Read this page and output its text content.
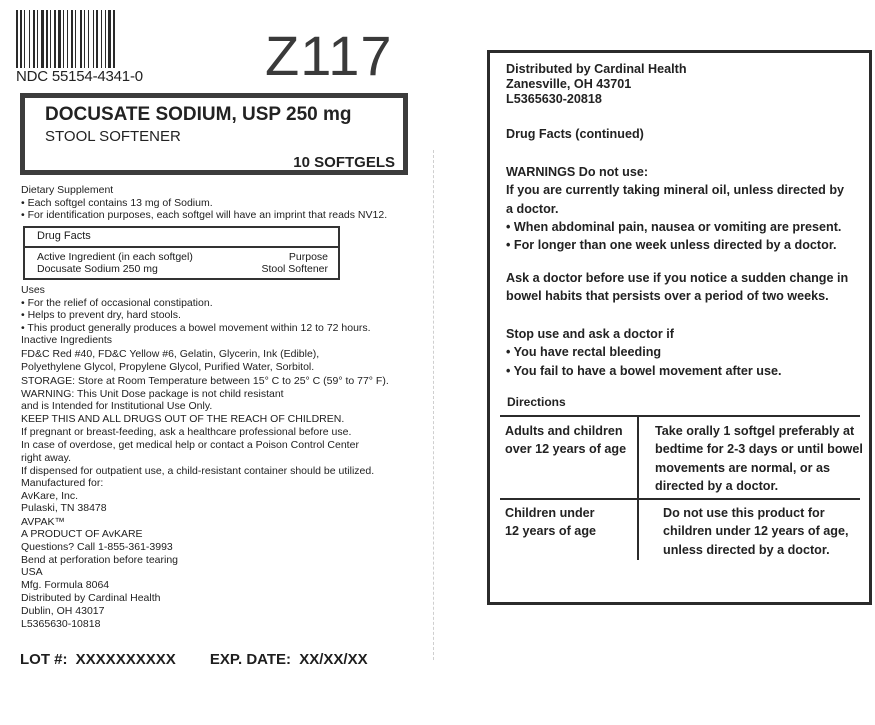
NDC 55154-4341-0 Z117
DOCUSATE SODIUM, USP 250 mg
STOOL SOFTENER
10 SOFTGELS
Dietary Supplement
• Each softgel contains 13 mg of Sodium.
• For identification purposes, each softgel will have an imprint that reads NV12.
Drug Facts
Active Ingredient (in each softgel)	Purpose
Docusate Sodium 250 mg	Stool Softener
Uses
• For the relief of occasional constipation.
• Helps to prevent dry, hard stools.
• This product generally produces a bowel movement within 12 to 72 hours.
Inactive Ingredients
FD&C Red #40, FD&C Yellow #6, Gelatin, Glycerin, Ink (Edible),
Polyethylene Glycol, Propylene Glycol, Purified Water, Sorbitol.
STORAGE: Store at Room Temperature between 15° C to 25° C (59° to 77° F).
WARNING: This Unit Dose package is not child resistant
and is Intended for Institutional Use Only.
KEEP THIS AND ALL DRUGS OUT OF THE REACH OF CHILDREN.
If pregnant or breast-feeding, ask a healthcare professional before use.
In case of overdose, get medical help or contact a Poison Control Center
right away.
If dispensed for outpatient use, a child-resistant container should be utilized.
Manufactured for:
AvKare, Inc.
Pulaski, TN 38478
AVPAK™
A PRODUCT OF AvKARE
Questions? Call 1-855-361-3993
Bend at perforation before tearing
USA
Mfg. Formula 8064
Distributed by Cardinal Health
Dublin, OH 43017
L5365630-10818
LOT #: XXXXXXXXXX EXP. DATE: XX/XX/XX
Distributed by Cardinal Health
Zanesville, OH 43701
L5365630-20818
Drug Facts (continued)
WARNINGS Do not use:
If you are currently taking mineral oil, unless directed by
a doctor.
• When abdominal pain, nausea or vomiting are present.
• For longer than one week unless directed by a doctor.
Ask a doctor before use if you notice a sudden change in
bowel habits that persists over a period of two weeks.
Stop use and ask a doctor if
• You have rectal bleeding
• You fail to have a bowel movement after use.
Directions
Adults and children
over 12 years of age
Take orally 1 softgel preferably at
bedtime for 2-3 days or until bowel
movements are normal, or as
directed by a doctor.
Children under
12 years of age
Do not use this product for
children under 12 years of age,
unless directed by a doctor.
